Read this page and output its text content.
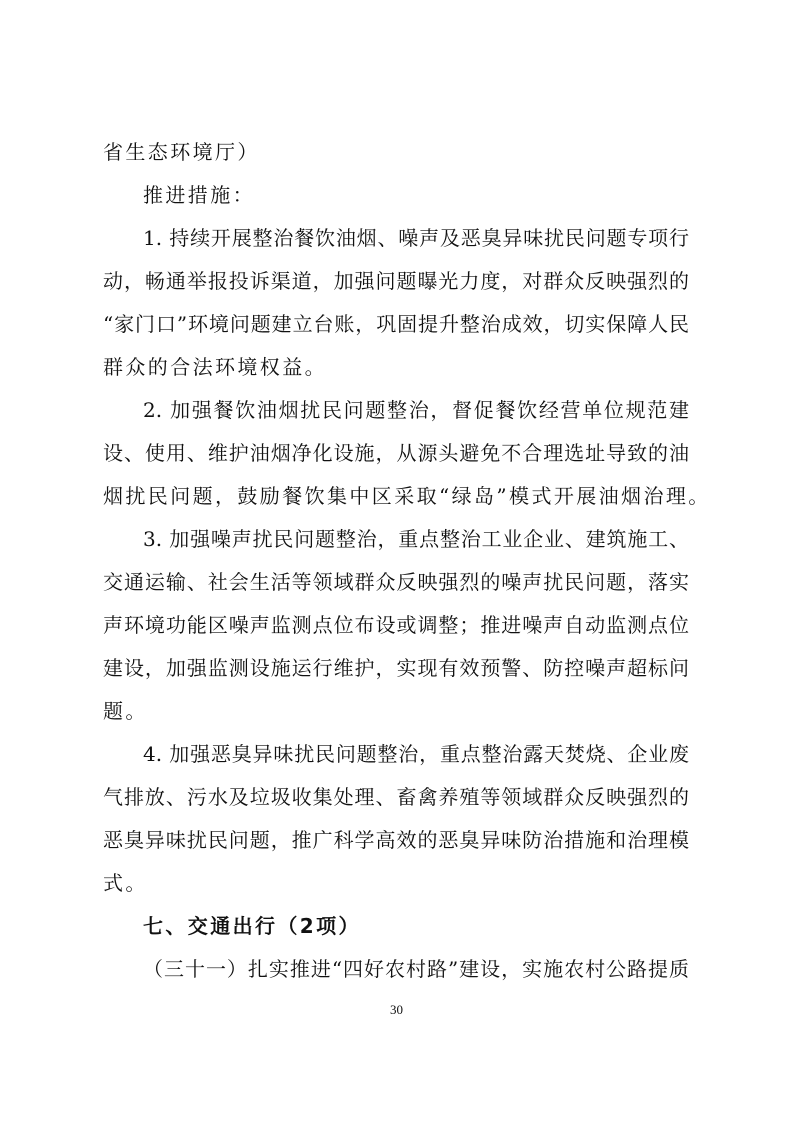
省生态环境厅）
推进措施：
1. 持续开展整治餐饮油烟、噪声及恶臭异味扰民问题专项行
动，畅通举报投诉渠道，加强问题曝光力度，对群众反映强烈的
“家门口”环境问题建立台账，巩固提升整治成效，切实保障人民
群众的合法环境权益。
2. 加强餐饮油烟扰民问题整治，督促餐饮经营单位规范建
设、使用、维护油烟净化设施，从源头避免不合理选址导致的油
烟扰民问题，鼓励餐饮集中区采取“绿岛”模式开展油烟治理。
3. 加强噪声扰民问题整治，重点整治工业企业、建筑施工、
交通运输、社会生活等领域群众反映强烈的噪声扰民问题，落实
声环境功能区噪声监测点位布设或调整；推进噪声自动监测点位
建设，加强监测设施运行维护，实现有效预警、防控噪声超标问
题。
4. 加强恶臭异味扰民问题整治，重点整治露天焚烧、企业废
气排放、污水及垃圾收集处理、畜禽养殖等领域群众反映强烈的
恶臭异味扰民问题，推广科学高效的恶臭异味防治措施和治理模
式。
七、交通出行（2项）
（三十一）扎实推进“四好农村路”建设，实施农村公路提质
30
